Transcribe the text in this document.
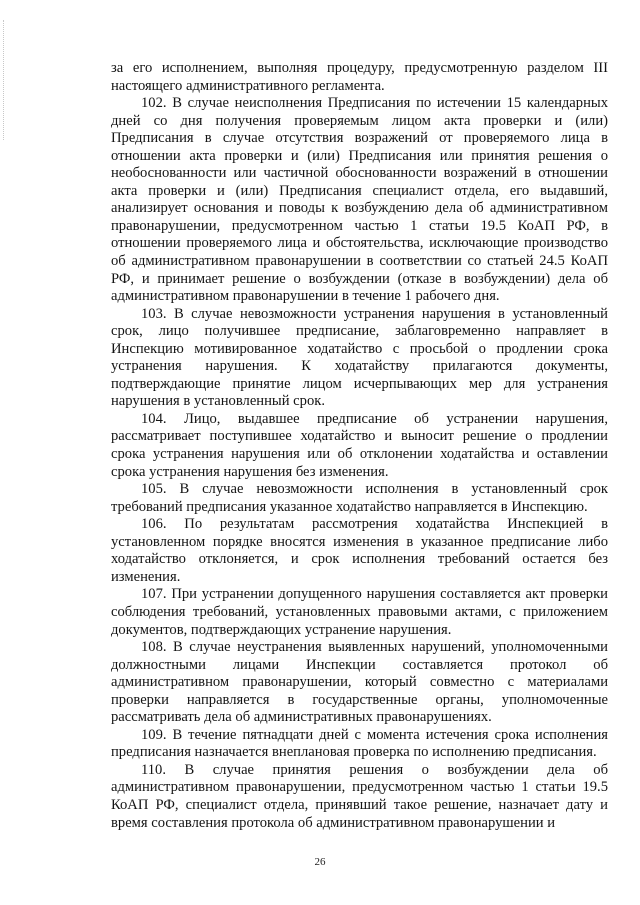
за его исполнением, выполняя процедуру, предусмотренную разделом III настоящего административного регламента.

102. В случае неисполнения Предписания по истечении 15 календарных дней со дня получения проверяемым лицом акта проверки и (или) Предписания в случае отсутствия возражений от проверяемого лица в отношении акта проверки и (или) Предписания или принятия решения о необоснованности или частичной обоснованности возражений в отношении акта проверки и (или) Предписания специалист отдела, его выдавший, анализирует основания и поводы к возбуждению дела об административном правонарушении, предусмотренном частью 1 статьи 19.5 КоАП РФ, в отношении проверяемого лица и обстоятельства, исключающие производство об административном правонарушении в соответствии со статьей 24.5 КоАП РФ, и принимает решение о возбуждении (отказе в возбуждении) дела об административном правонарушении в течение 1 рабочего дня.

103. В случае невозможности устранения нарушения в установленный срок, лицо получившее предписание, заблаговременно направляет в Инспекцию мотивированное ходатайство с просьбой о продлении срока устранения нарушения. К ходатайству прилагаются документы, подтверждающие принятие лицом исчерпывающих мер для устранения нарушения в установленный срок.

104. Лицо, выдавшее предписание об устранении нарушения, рассматривает поступившее ходатайство и выносит решение о продлении срока устранения нарушения или об отклонении ходатайства и оставлении срока устранения нарушения без изменения.

105. В случае невозможности исполнения в установленный срок требований предписания указанное ходатайство направляется в Инспекцию.

106. По результатам рассмотрения ходатайства Инспекцией в установленном порядке вносятся изменения в указанное предписание либо ходатайство отклоняется, и срок исполнения требований остается без изменения.

107. При устранении допущенного нарушения составляется акт проверки соблюдения требований, установленных правовыми актами, с приложением документов, подтверждающих устранение нарушения.

108. В случае неустранения выявленных нарушений, уполномоченными должностными лицами Инспекции составляется протокол об административном правонарушении, который совместно с материалами проверки направляется в государственные органы, уполномоченные рассматривать дела об административных правонарушениях.

109. В течение пятнадцати дней с момента истечения срока исполнения предписания назначается внеплановая проверка по исполнению предписания.

110. В случае принятия решения о возбуждении дела об административном правонарушении, предусмотренном частью 1 статьи 19.5 КоАП РФ, специалист отдела, принявший такое решение, назначает дату и время составления протокола об административном правонарушении и

26
